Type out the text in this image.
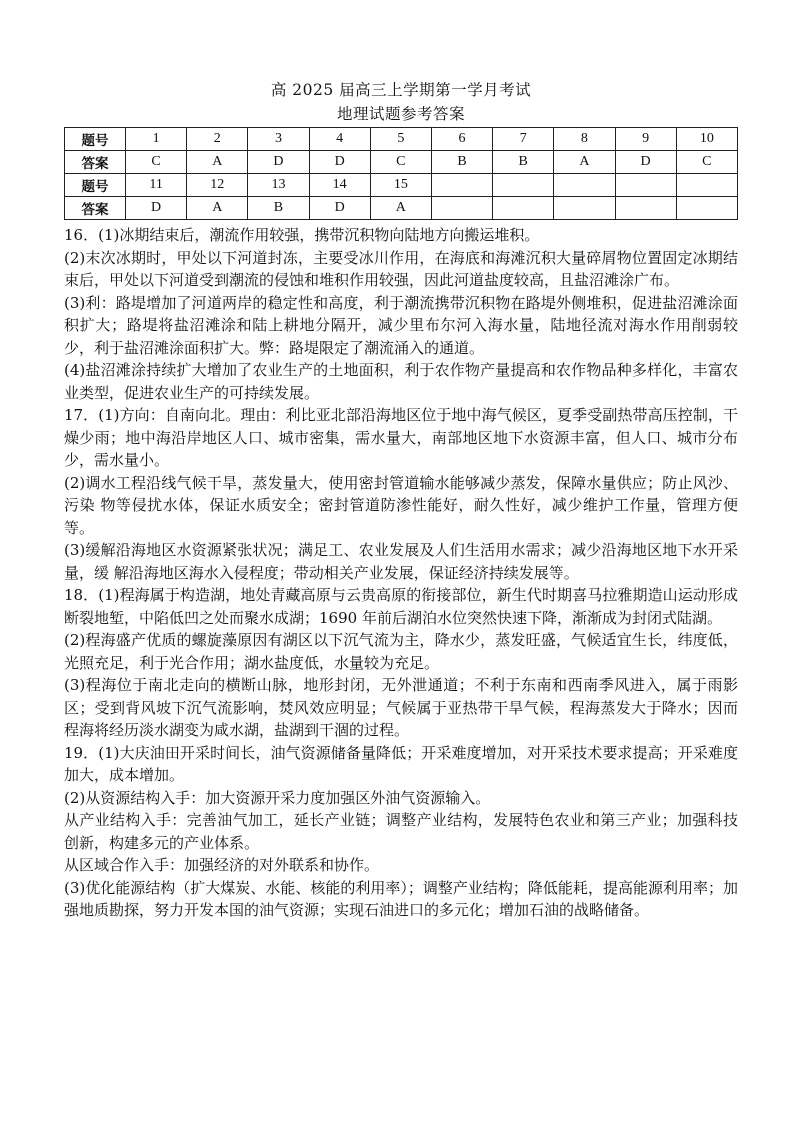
高 2025 届高三上学期第一学月考试
地理试题参考答案
题号	1	2	3	4	5	6	7	8	9	10
答案	C	A	D	D	C	B	B	A	D	C
题号	11	12	13	14	15					
答案	D	A	B	D	A					

16．(1)冰期结束后，潮流作用较强，携带沉积物向陆地方向搬运堆积。

(2)末次冰期时，甲处以下河道封冻，主要受冰川作用，在海底和海滩沉积大量碎屑物位置固定冰期结束后，甲处以下河道受到潮流的侵蚀和堆积作用较强，因此河道盐度较高，且盐沼滩涂广布。

(3)利：路堤增加了河道两岸的稳定性和高度，利于潮流携带沉积物在路堤外侧堆积，促进盐沼滩涂面积扩大；路堤将盐沼滩涂和陆上耕地分隔开，减少里布尔河入海水量，陆地径流对海水作用削弱较少，利于盐沼滩涂面积扩大。弊：路堤限定了潮流涌入的通道。

(4)盐沼滩涂持续扩大增加了农业生产的土地面积，利于农作物产量提高和农作物品种多样化，丰富农业类型，促进农业生产的可持续发展。

17．(1)方向：自南向北。理由：利比亚北部沿海地区位于地中海气候区，夏季受副热带高压控制，干燥少雨；地中海沿岸地区人口、城市密集，需水量大，南部地区地下水资源丰富，但人口、城市分布少，需水量小。

(2)调水工程沿线气候干旱，蒸发量大，使用密封管道输水能够减少蒸发，保障水量供应；防止风沙、污染 物等侵扰水体，保证水质安全；密封管道防渗性能好，耐久性好，减少维护工作量，管理方便等。

(3)缓解沿海地区水资源紧张状况；满足工、农业发展及人们生活用水需求；减少沿海地区地下水开采量，缓 解沿海地区海水入侵程度；带动相关产业发展，保证经济持续发展等。

18．(1)程海属于构造湖，地处青藏高原与云贵高原的衔接部位，新生代时期喜马拉雅期造山运动形成断裂地堑，中陷低凹之处而聚水成湖；1690 年前后湖泊水位突然快速下降，渐渐成为封闭式陆湖。

(2)程海盛产优质的螺旋藻原因有湖区以下沉气流为主，降水少，蒸发旺盛，气候适宜生长，纬度低，光照充足，利于光合作用；湖水盐度低，水量较为充足。

(3)程海位于南北走向的横断山脉，地形封闭，无外泄通道；不利于东南和西南季风进入，属于雨影区；受到背风坡下沉气流影响，焚风效应明显；气候属于亚热带干旱气候，程海蒸发大于降水；因而程海将经历淡水湖变为咸水湖，盐湖到干涸的过程。

19．(1)大庆油田开采时间长，油气资源储备量降低；开采难度增加，对开采技术要求提高；开采难度加大，成本增加。

(2)从资源结构入手：加大资源开采力度加强区外油气资源输入。

从产业结构入手：完善油气加工，延长产业链；调整产业结构，发展特色农业和第三产业；加强科技创新，构建多元的产业体系。

从区域合作入手：加强经济的对外联系和协作。

(3)优化能源结构（扩大煤炭、水能、核能的利用率）；调整产业结构；降低能耗，提高能源利用率；加强地质勘探，努力开发本国的油气资源；实现石油进口的多元化；增加石油的战略储备。
